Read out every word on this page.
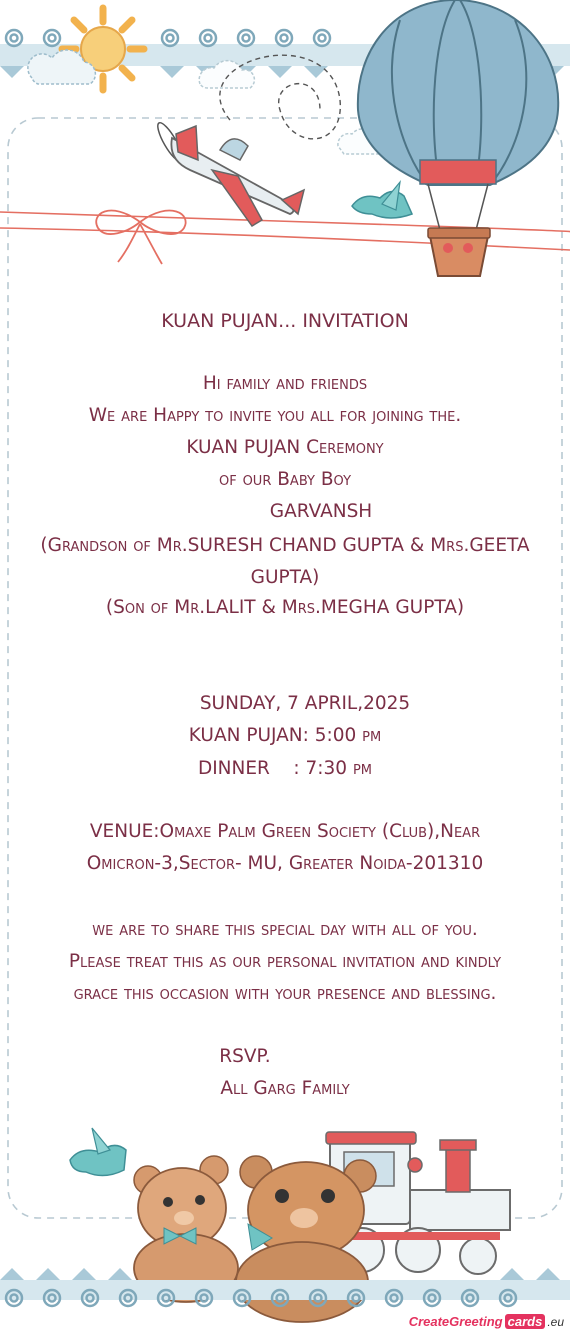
KUAN PUJAN... INVITATION
Hi family and friends
We are Happy to invite you all for joining the.
KUAN PUJAN Ceremony
of our Baby Boy
GARVANSH
(Grandson of Mr.SURESH CHAND GUPTA & Mrs.GEETA GUPTA)
(Son of Mr.LALIT & Mrs.MEGHA GUPTA)
SUNDAY, 7 APRIL,2025
KUAN PUJAN: 5:00 pm
DINNER    : 7:30 pm
VENUE:Omaxe Palm Green Society (Club),Near
Omicron-3,Sector- MU, Greater Noida-201310
we are to share this special day with all of you.
Please treat this as our personal invitation and kindly
grace this occasion with your presence and blessing.
RSVP.
All Garg Family
CreateGreeting cards .eu
